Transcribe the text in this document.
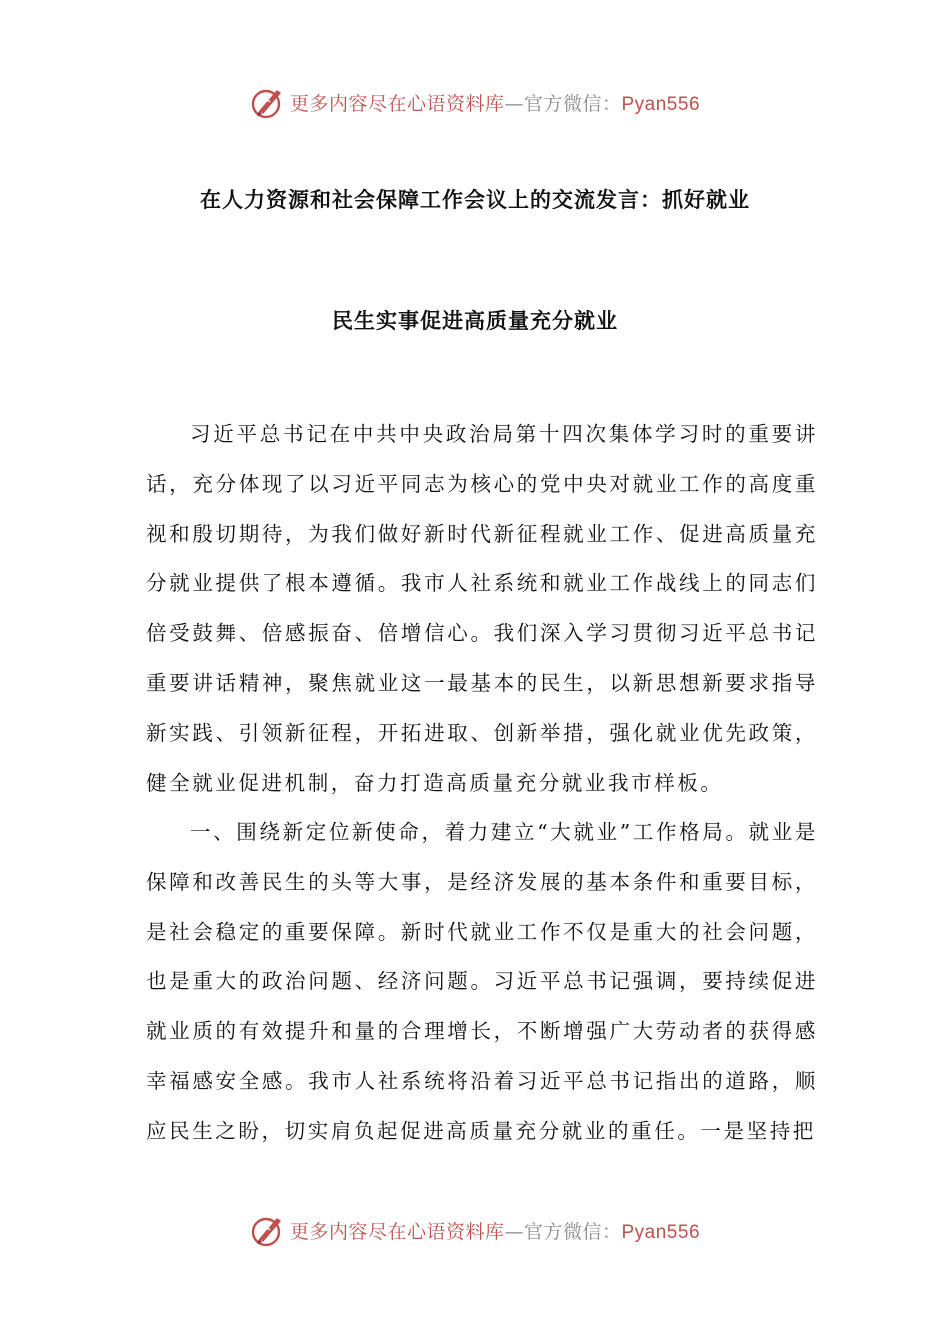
更多内容尽在心语资料库—官方微信：Pyan556
在人力资源和社会保障工作会议上的交流发言：抓好就业
民生实事促进高质量充分就业

习近平总书记在中共中央政治局第十四次集体学习时的重要讲话，充分体现了以习近平同志为核心的党中央对就业工作的高度重视和殷切期待，为我们做好新时代新征程就业工作、促进高质量充分就业提供了根本遵循。我市人社系统和就业工作战线上的同志们倍受鼓舞、倍感振奋、倍增信心。我们深入学习贯彻习近平总书记重要讲话精神，聚焦就业这一最基本的民生，以新思想新要求指导新实践、引领新征程，开拓进取、创新举措，强化就业优先政策，健全就业促进机制，奋力打造高质量充分就业我市样板。

一、围绕新定位新使命，着力建立“大就业”工作格局。就业是保障和改善民生的头等大事，是经济发展的基本条件和重要目标，是社会稳定的重要保障。新时代就业工作不仅是重大的社会问题，也是重大的政治问题、经济问题。习近平总书记强调，要持续促进就业质的有效提升和量的合理增长，不断增强广大劳动者的获得感幸福感安全感。我市人社系统将沿着习近平总书记指出的道路，顺应民生之盼，切实肩负起促进高质量充分就业的重任。一是坚持把

更多内容尽在心语资料库—官方微信：Pyan556
